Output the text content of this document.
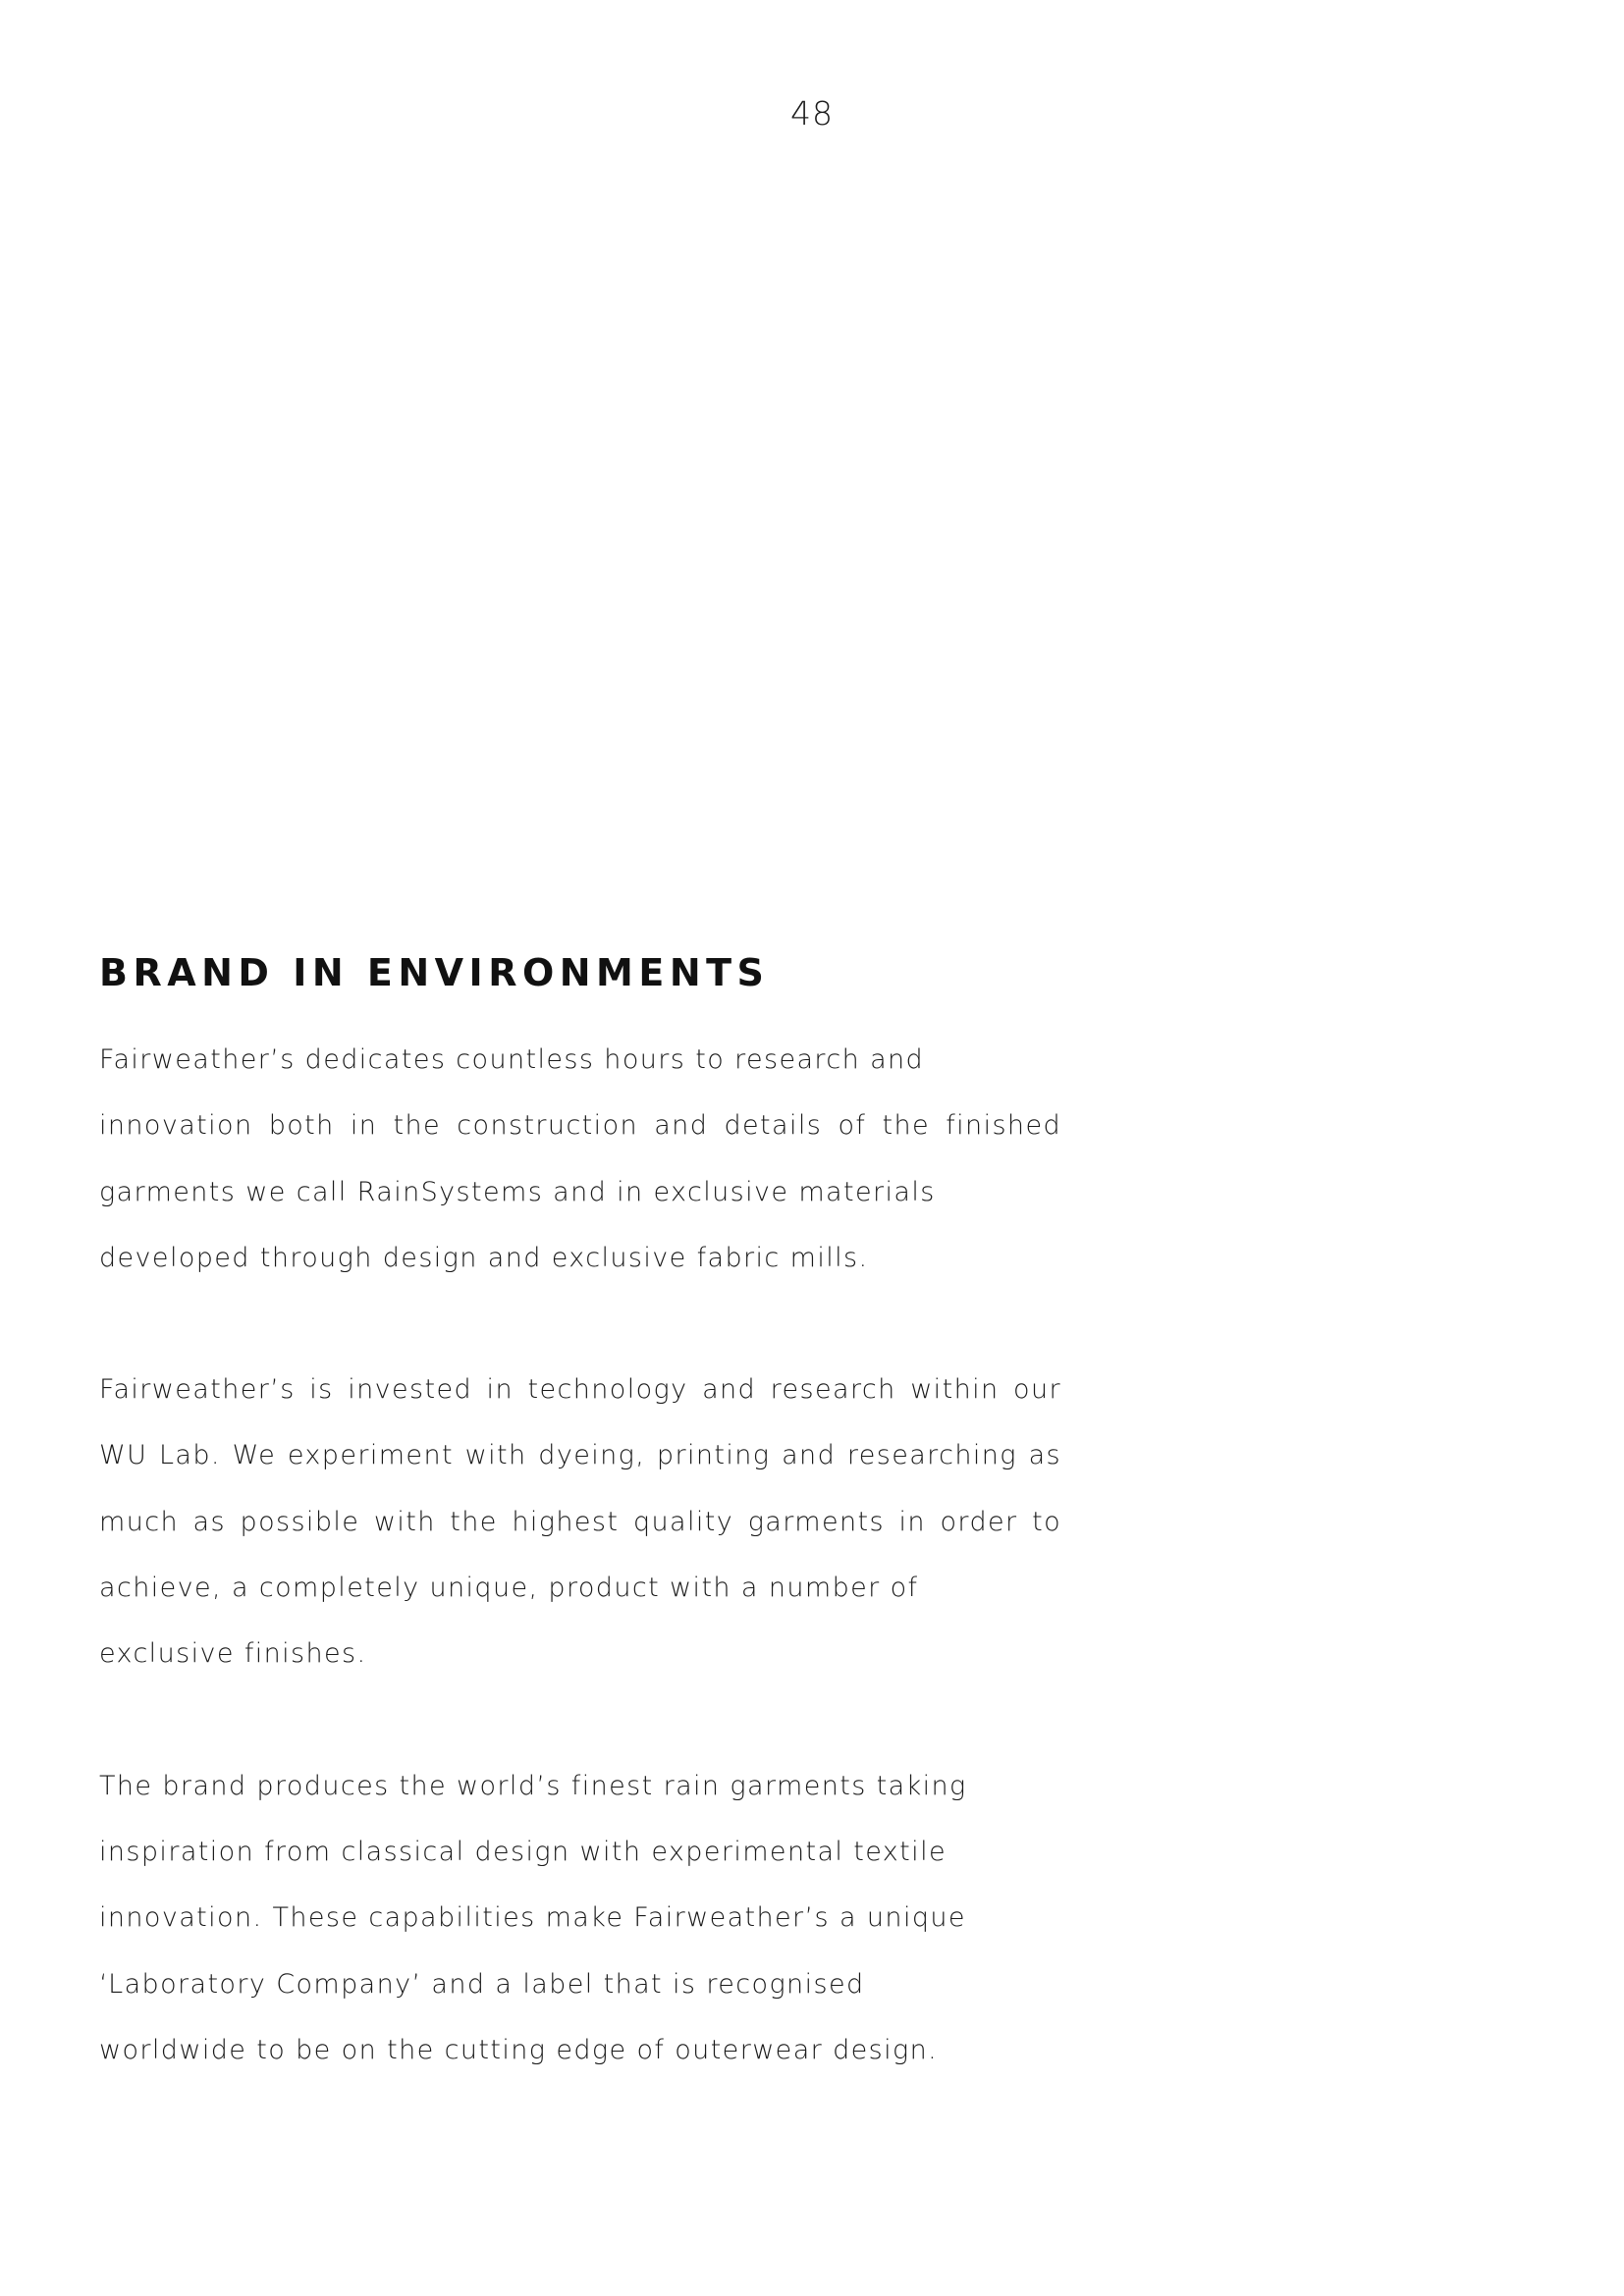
48
BRAND IN ENVIRONMENTS

Fairweather’s dedicates countless hours to research and
innovation both in the construction and details of the finished
garments we call RainSystems and in exclusive materials
developed through design and exclusive fabric mills.

Fairweather’s is invested in technology and research within our
WU Lab. We experiment with dyeing, printing and researching as
much as possible with the highest quality garments in order to
achieve, a completely unique, product with a number of
exclusive finishes.

The brand produces the world’s finest rain garments taking
inspiration from classical design with experimental textile
innovation. These capabilities make Fairweather’s a unique
‘Laboratory Company’ and a label that is recognised
worldwide to be on the cutting edge of outerwear design.
